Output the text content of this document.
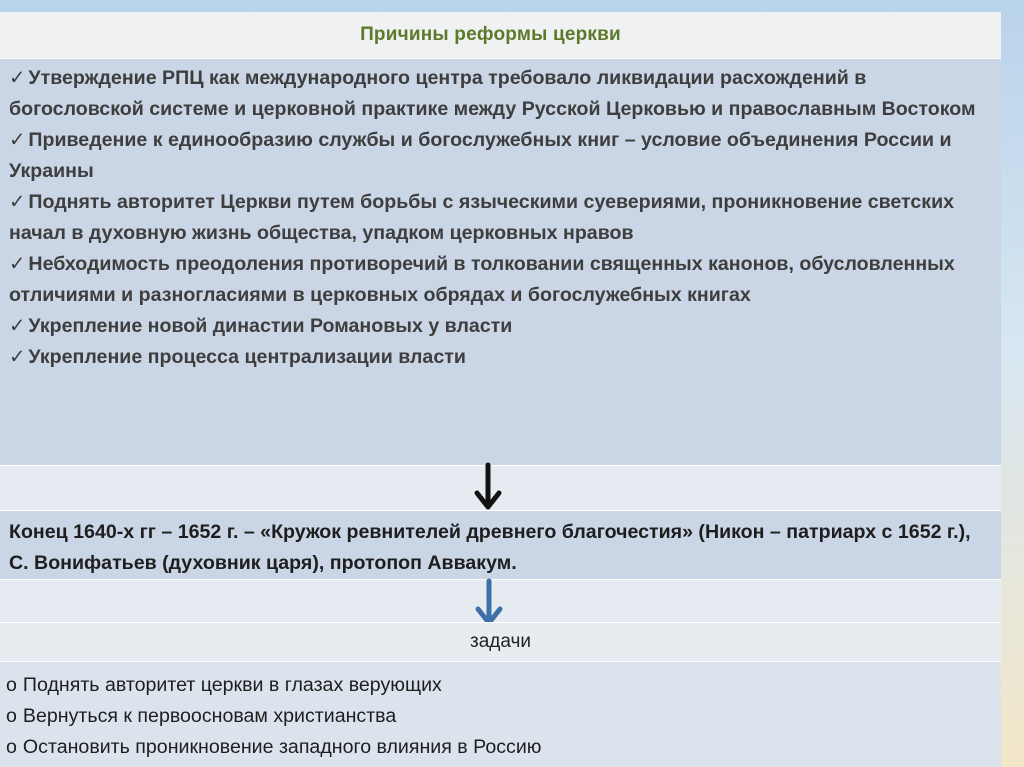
Причины реформы церкви
✓ Утверждение РПЦ как международного центра требовало ликвидации расхождений в богословской системе и церковной практике между Русской Церковью и православным Востоком
✓ Приведение к единообразию службы и богослужебных книг – условие объединения России и Украины
✓ Поднять авторитет Церкви путем борьбы с языческими суевериями, проникновение светских начал в духовную жизнь общества, упадком церковных нравов
✓ Небходимость преодоления противоречий в толковании священных канонов, обусловленных отличиями и разногласиями в церковных обрядах и богослужебных книгах
✓ Укрепление новой династии Романовых у власти
✓ Укрепление процесса централизации власти
Конец 1640-х гг – 1652 г. – «Кружок ревнителей древнего благочестия» (Никон – патриарх с 1652 г.), С. Вонифатьев (духовник царя), протопоп Аввакум.
задачи
o Поднять авторитет церкви в глазах верующих
o Вернуться к первоосновам христианства
o Остановить проникновение западного влияния в Россию
